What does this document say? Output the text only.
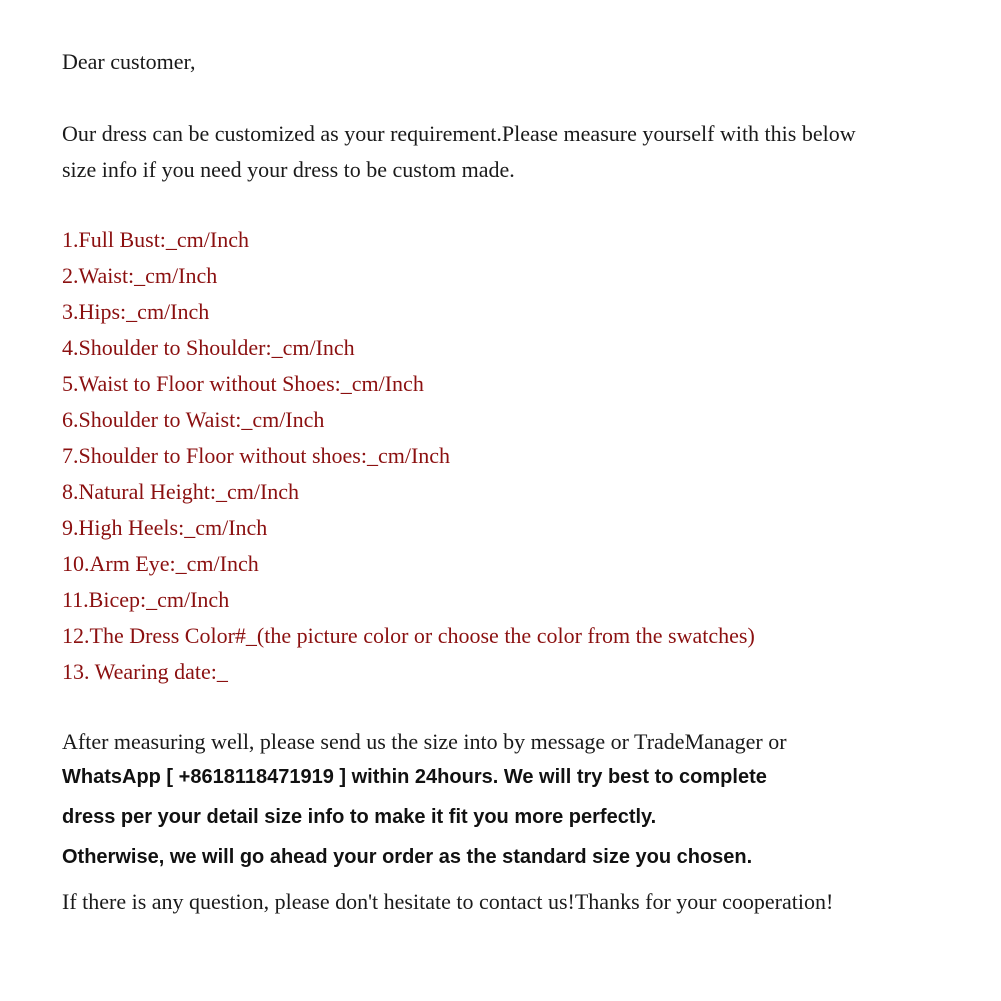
Dear customer,
Our dress can be customized as your requirement.Please measure yourself with this below
size info if you need your dress to be custom made.
1.Full Bust:_cm/Inch
2.Waist:_cm/Inch
3.Hips:_cm/Inch
4.Shoulder to Shoulder:_cm/Inch
5.Waist to Floor without Shoes:_cm/Inch
6.Shoulder to Waist:_cm/Inch
7.Shoulder to Floor without shoes:_cm/Inch
8.Natural Height:_cm/Inch
9.High Heels:_cm/Inch
10.Arm Eye:_cm/Inch
11.Bicep:_cm/Inch
12.The Dress Color#_(the picture color or choose the color from the swatches)
13. Wearing date:_
After measuring well, please send us the size into by message or TradeManager or
WhatsApp [ +8618118471919 ] within 24hours. We will try best to complete
dress per your detail size info to make it fit you more perfectly.
Otherwise, we will go ahead your order as the standard size you chosen.
If there is any question, please don't hesitate to contact us!Thanks for your cooperation!
